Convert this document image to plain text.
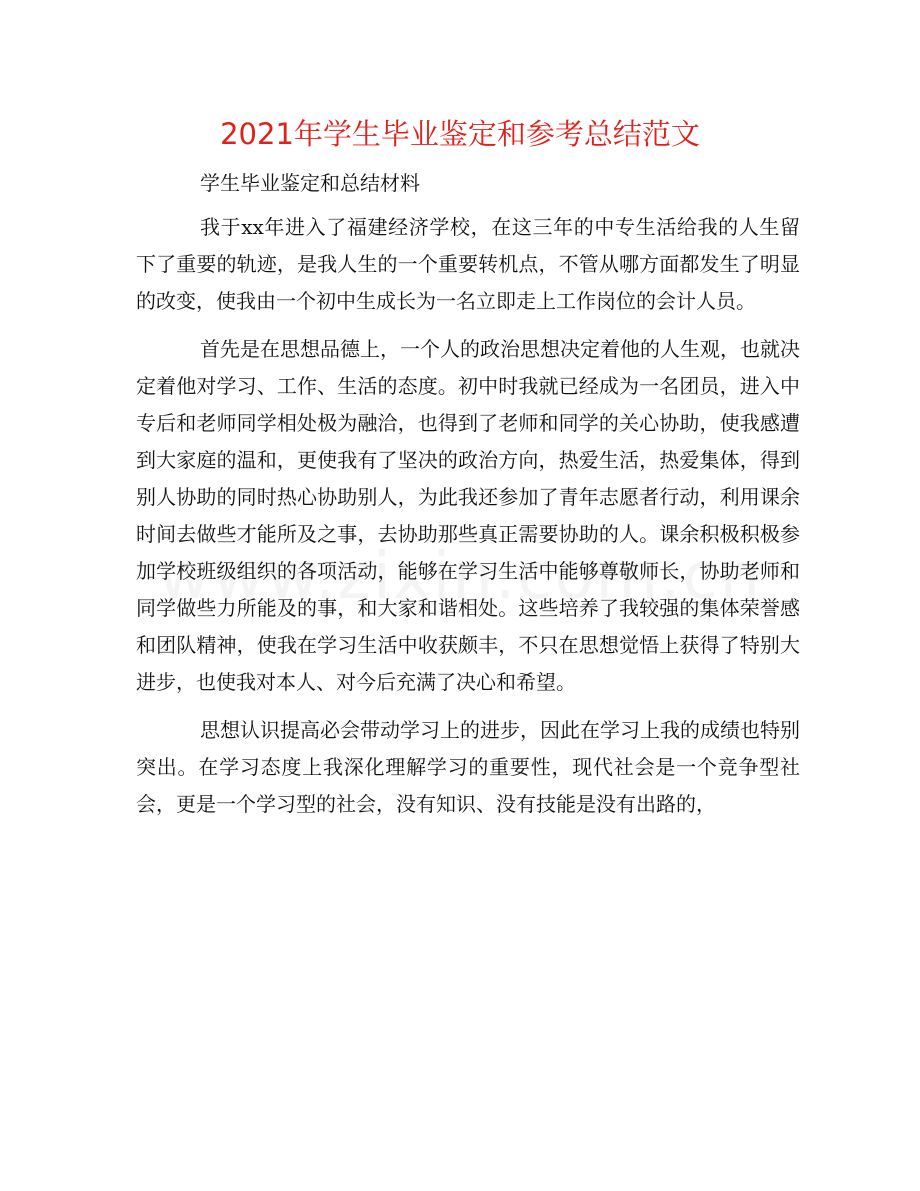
2021年学生毕业鉴定和参考总结范文

学生毕业鉴定和总结材料

我于xx年进入了福建经济学校，在这三年的中专生活给我的人生留下了重要的轨迹，是我人生的一个重要转机点，不管从哪方面都发生了明显的改变，使我由一个初中生成长为一名立即走上工作岗位的会计人员。

首先是在思想品德上，一个人的政治思想决定着他的人生观，也就决定着他对学习、工作、生活的态度。初中时我就已经成为一名团员，进入中专后和老师同学相处极为融洽，也得到了老师和同学的关心协助，使我感遭到大家庭的温和，更使我有了坚决的政治方向，热爱生活，热爱集体，得到别人协助的同时热心协助别人，为此我还参加了青年志愿者行动，利用课余时间去做些才能所及之事，去协助那些真正需要协助的人。课余积极积极参加学校班级组织的各项活动，能够在学习生活中能够尊敬师长，协助老师和同学做些力所能及的事，和大家和谐相处。这些培养了我较强的集体荣誉感和团队精神，使我在学习生活中收获颇丰，不只在思想觉悟上获得了特别大进步，也使我对本人、对今后充满了决心和希望。

思想认识提高必会带动学习上的进步，因此在学习上我的成绩也特别突出。在学习态度上我深化理解学习的重要性，现代社会是一个竞争型社会，更是一个学习型的社会，没有知识、没有技能是没有出路的，
